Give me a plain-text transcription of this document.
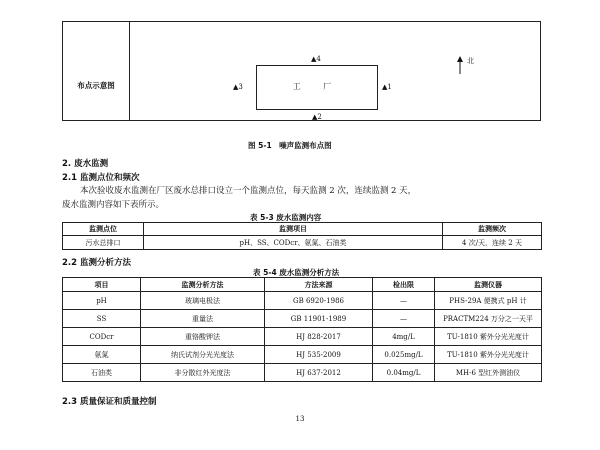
布点示意图	工 厂
▲4
▲1
▲2
▲3
北
图 5-1　噪声监测布点图
2. 废水监测
2.1 监测点位和频次
本次验收废水监测在厂区废水总排口设立一个监测点位，每天监测 2 次，连续监测 2 天，
废水监测内容如下表所示。
表 5-3 废水监测内容
监测点位	监测项目	监测频次
污水总排口	pH、SS、CODcr、氨氮、石油类	4 次/天，连续 2 天
2.2 监测分析方法
表 5-4 废水监测分析方法
项目	监测分析方法	方法来源	检出限	监测仪器
pH	玻璃电极法	GB 6920-1986	—	PHS-29A 便携式 pH 计
SS	重量法	GB 11901-1989	—	PRACTM224 万分之一天平
CODcr	重铬酸钾法	HJ 828-2017	4mg/L	TU-1810 紫外分光光度计
氨氮	纳氏试剂分光光度法	HJ 535-2009	0.025mg/L	TU-1810 紫外分光光度计
石油类	非分散红外光度法	HJ 637-2012	0.04mg/L	MH-6 型红外测油仪
2.3 质量保证和质量控制
13
